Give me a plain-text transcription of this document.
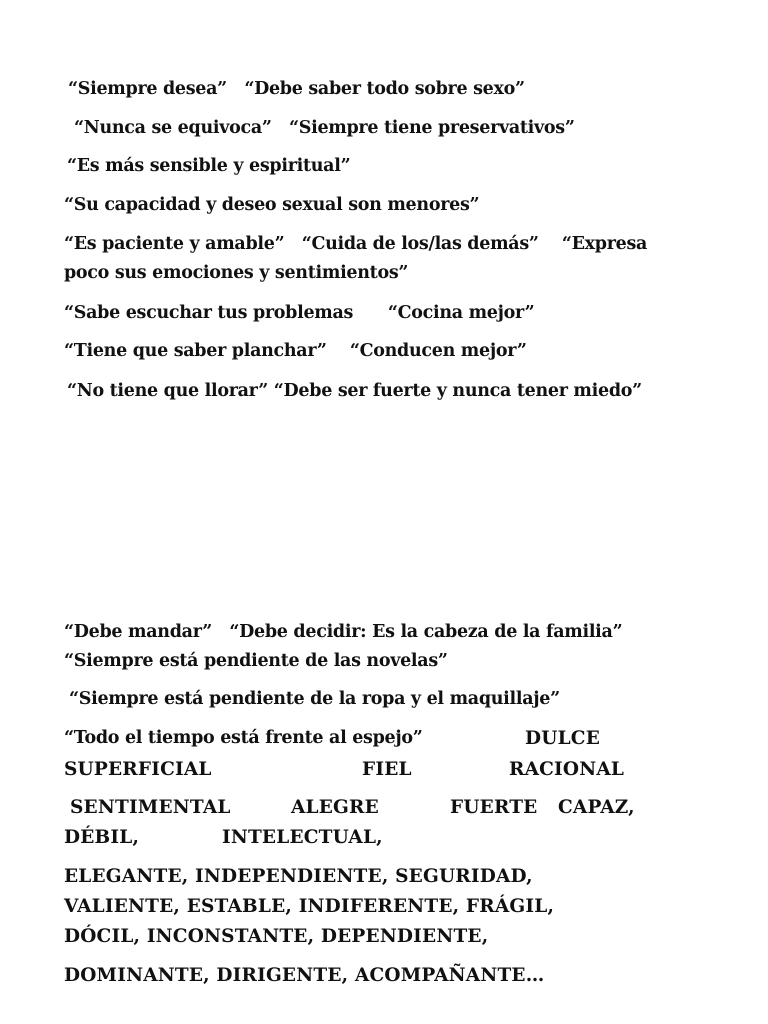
“Siempre desea”   “Debe saber todo sobre sexo”
“Nunca se equivoca”   “Siempre tiene preservativos”
“Es más sensible y espiritual”
“Su capacidad y deseo sexual son menores”
“Es paciente y amable”   “Cuida de los/las demás”    “Expresa
poco sus emociones y sentimientos”
“Sabe escuchar tus problemas      “Cocina mejor”
“Tiene que saber planchar”    “Conducen mejor”
“No tiene que llorar” “Debe ser fuerte y nunca tener miedo”
“Debe mandar”   “Debe decidir: Es la cabeza de la familia”
“Siempre está pendiente de las novelas”
“Siempre está pendiente de la ropa y el maquillaje”
“Todo el tiempo está frente al espejo”	DULCE
SUPERFICIAL	FIEL	RACIONAL
SENTIMENTAL	ALEGRE	FUERTE CAPAZ,
DÉBIL,	INTELECTUAL,
ELEGANTE, INDEPENDIENTE, SEGURIDAD,
VALIENTE, ESTABLE, INDIFERENTE, FRÁGIL,
DÓCIL, INCONSTANTE, DEPENDIENTE,
DOMINANTE, DIRIGENTE, ACOMPAÑANTE…
